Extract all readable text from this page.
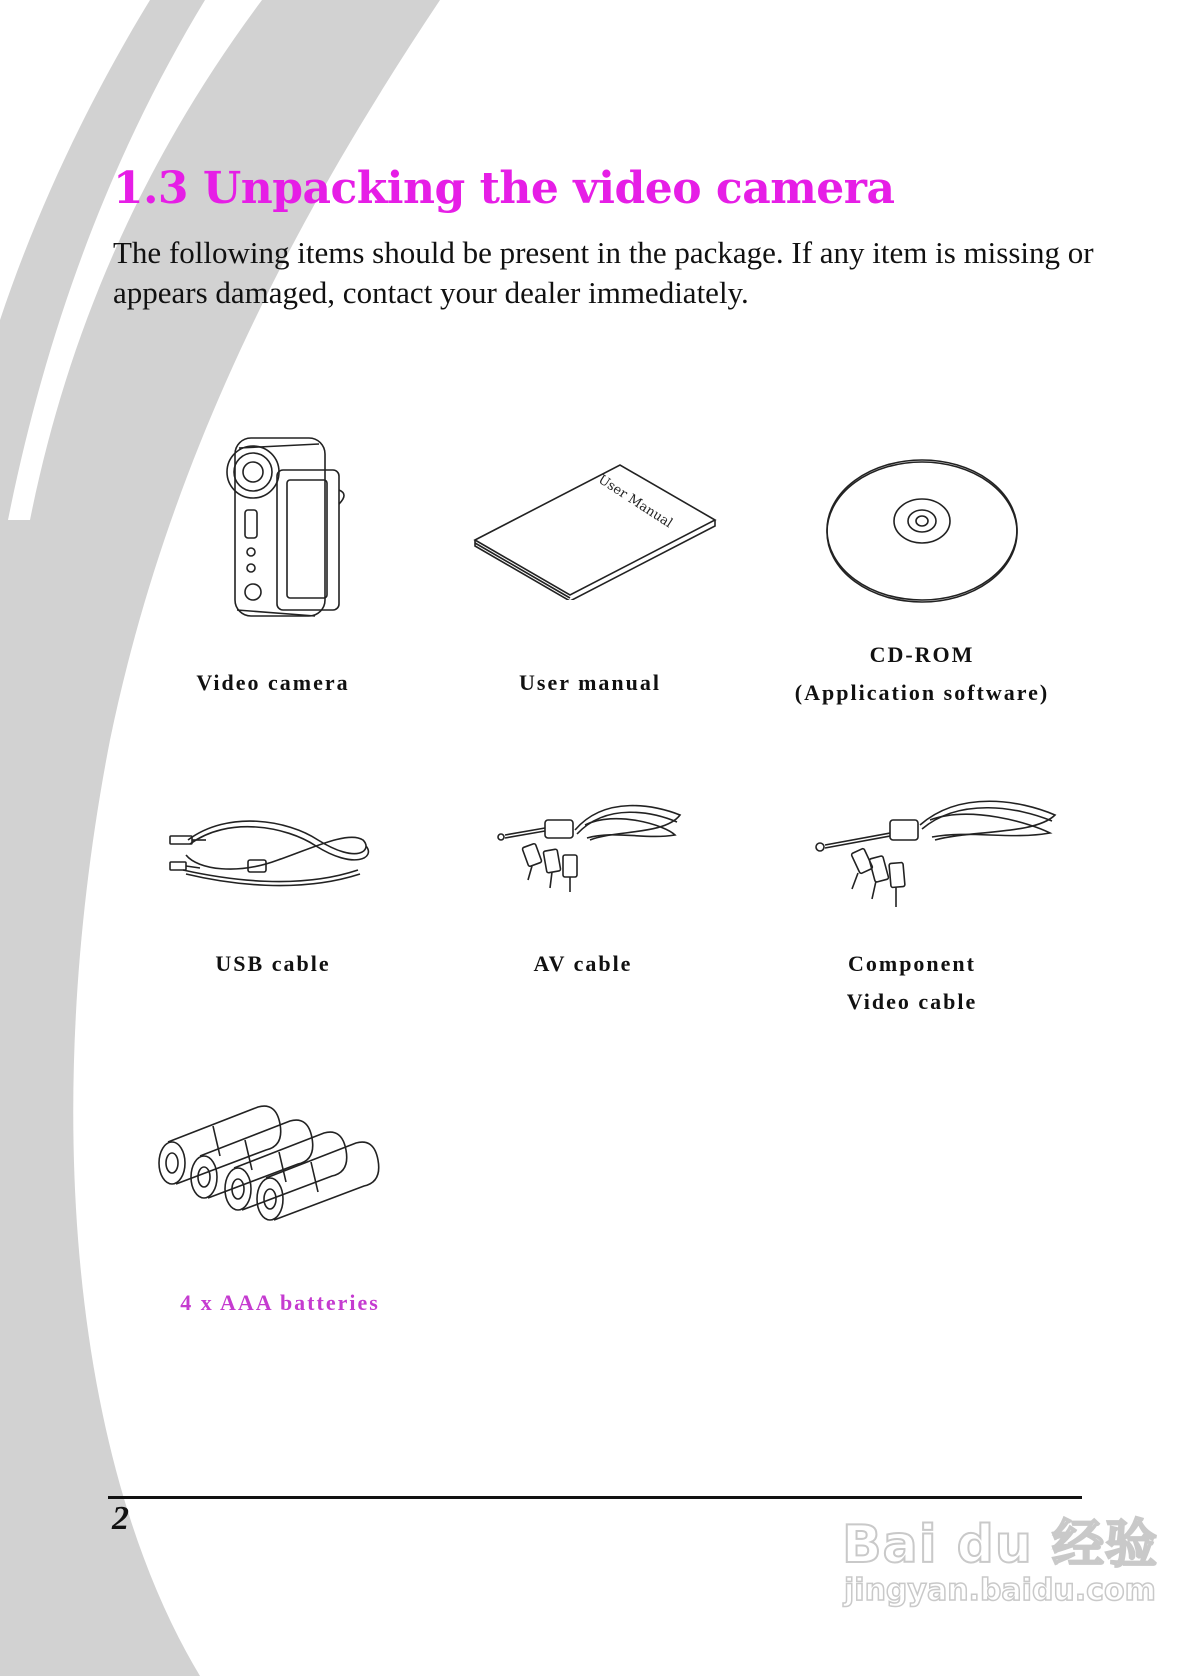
1.3 Unpacking the video camera

The following items should be present in the package. If any item is missing or appears damaged, contact your dealer immediately.

Video camera
User Manual
User manual
CD-ROM
(Application software)
USB cable	AV cable	Component
Video cable
4 x AAA batteries
2	Bai du 经验
jingyan.baidu.com
